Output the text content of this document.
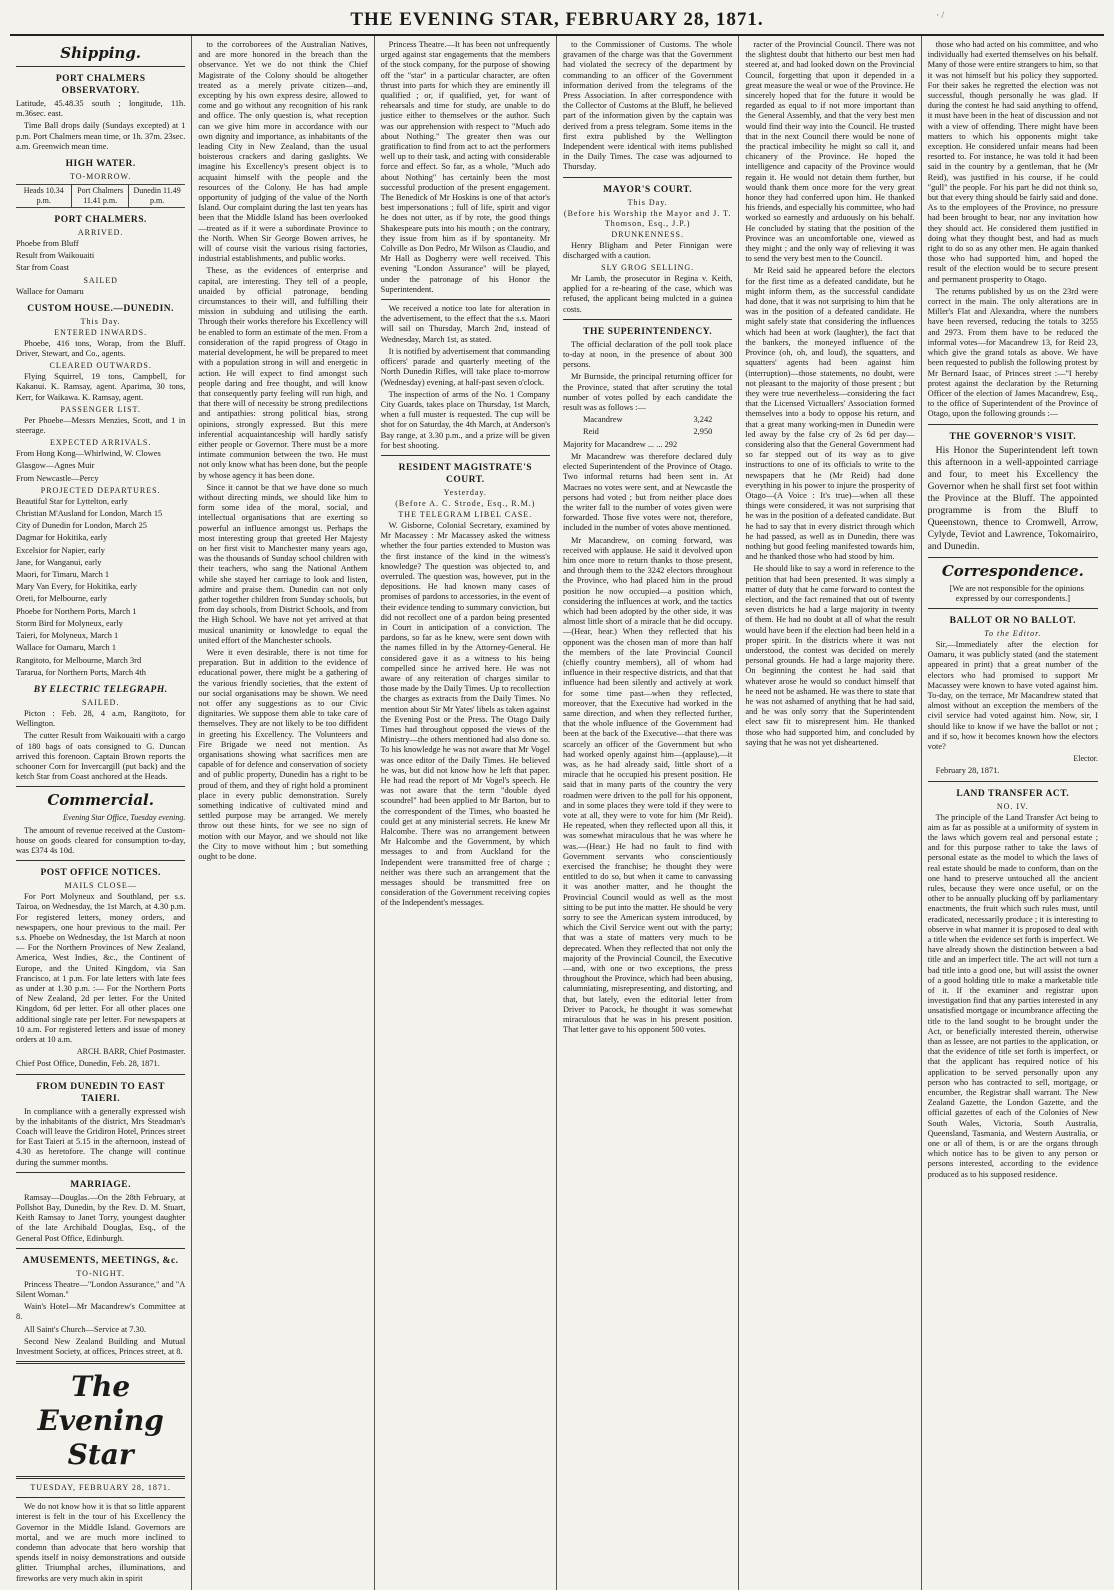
THE EVENING STAR, FEBRUARY 28, 1871.	· /
Shipping.
PORT CHALMERS OBSERVATORY.

Latitude, 45.48.35 south ; longitude, 11h. m.36sec. east.

Time Ball drops daily (Sundays excepted) at 1 p.m. Port Chalmers mean time, or 1h. 37m. 23sec. a.m. Greenwich mean time.

HIGH WATER.
TO-MORROW.
Heads 10.34 p.m.
Port Chalmers 11.41 p.m.
Dunedin 11.49 p.m.
PORT CHALMERS.
ARRIVED.

Phoebe from Bluff

Result from Waikouaiti

Star from Coast

SAILED

Wallace for Oamaru

CUSTOM HOUSE.—DUNEDIN.
This Day.
ENTERED INWARDS.

Phoebe, 416 tons, Worap, from the Bluff. Driver, Stewart, and Co., agents.

CLEARED OUTWARDS.

Flying Squirrel, 19 tons, Campbell, for Kakanui. K. Ramsay, agent. Aparima, 30 tons, Kerr, for Waikawa. K. Ramsay, agent.

PASSENGER LIST.

Per Phoebe—Messrs Menzies, Scott, and 1 in steerage.

EXPECTED ARRIVALS.

From Hong Kong—Whirlwind, W. Clowes

Glasgow—Agnes Muir

From Newcastle—Percy

PROJECTED DEPARTURES.

Beautiful Star for Lyttelton, early

Christian M'Ausland for London, March 15

City of Dunedin for London, March 25

Dagmar for Hokitika, early

Excelsior for Napier, early

Jane, for Wanganui, early

Maori, for Timaru, March 1

Mary Van Every, for Hokitika, early

Oreti, for Melbourne, early

Phoebe for Northern Ports, March 1

Storm Bird for Molyneux, early

Taieri, for Molyneux, March 1

Wallace for Oamaru, March 1

Rangitoto, for Melbourne, March 3rd

Tararua, for Northern Ports, March 4th

BY ELECTRIC TELEGRAPH.
SAILED.

Picton : Feb. 28, 4 a.m, Rangitoto, for Wellington.

The cutter Result from Waikouaiti with a cargo of 180 bags of oats consigned to G. Duncan arrived this forenoon. Captain Brown reports the schooner Corn for Invercargill (put back) and the ketch Star from Coast anchored at the Heads.

Commercial.

Evening Star Office, Tuesday evening.

The amount of revenue received at the Custom-house on goods cleared for consumption to-day, was £374 4s 10d.

POST OFFICE NOTICES.
MAILS CLOSE—

For Port Molyneux and Southland, per s.s. Tairoa, on Wednesday, the 1st March, at 4.30 p.m. For registered letters, money orders, and newspapers, one hour previous to the mail. Per s.s. Phoebe on Wednesday, the 1st March at noon— For the Northern Provinces of New Zealand, America, West Indies, &c., the Continent of Europe, and the United Kingdom, via San Francisco, at 1 p.m. For late letters with late fees as under at 1.30 p.m. :— For the Northern Ports of New Zealand, 2d per letter. For the United Kingdom, 6d per letter. For all other places one additional single rate per letter. For newspapers at 10 a.m. For registered letters and issue of money orders at 10 a.m.

ARCH. BARR, Chief Postmaster.

Chief Post Office, Dunedin, Feb. 28, 1871.

FROM DUNEDIN TO EAST TAIERI.

In compliance with a generally expressed wish by the inhabitants of the district, Mrs Steadman's Coach will leave the Gridiron Hotel, Princes street for East Taieri at 5.15 in the afternoon, instead of 4.30 as heretofore. The change will continue during the summer months.

MARRIAGE.

Ramsay—Douglas.—On the 28th February, at Pollshot Bay, Dunedin, by the Rev. D. M. Stuart, Keith Ramsay to Janet Torry, youngest daughter of the late Archibald Douglas, Esq., of the General Post Office, Edinburgh.

AMUSEMENTS, MEETINGS, &c.
TO-NIGHT.

Princess Theatre—"London Assurance," and "A Silent Woman."

Wain's Hotel—Mr Macandrew's Committee at 8.

All Saint's Church—Service at 7.30.

Second New Zealand Building and Mutual Investment Society, at offices, Princes street, at 8.

The Evening Star
TUESDAY, FEBRUARY 28, 1871.

We do not know how it is that so little apparent interest is felt in the tour of his Excellency the Governor in the Middle Island. Governors are mortal, and we are much more inclined to condemn than advocate that hero worship that spends itself in noisy demonstrations and outside glitter. Triumphal arches, illuminations, and fireworks are very much akin in spirit

to the corroborees of the Australian Natives, and are more honored in the breach than the observance. Yet we do not think the Chief Magistrate of the Colony should be altogether treated as a merely private citizen—and, excepting by his own express desire, allowed to come and go without any recognition of his rank and office. The only question is, what reception can we give him more in accordance with our own dignity and importance, as inhabitants of the leading City in New Zealand, than the usual boisterous crackers and daring gaslights. We imagine his Excellency's present object is to acquaint himself with the people and the resources of the Colony. He has had ample opportunity of judging of the value of the North Island. Our complaint during the last ten years has been that the Middle Island has been overlooked—treated as if it were a subordinate Province to the North. When Sir George Bowen arrives, he will of course visit the various rising factories, industrial establishments, and public works.

These, as the evidences of enterprise and capital, are interesting. They tell of a people, unaided by official patronage, bending circumstances to their will, and fulfilling their mission in subduing and utilising the earth. Through their works therefore his Excellency will be enabled to form an estimate of the men. From a consideration of the rapid progress of Otago in material development, he will be prepared to meet with a population strong in will and energetic in action. He will expect to find amongst such people daring and free thought, and will know that consequently party feeling will run high, and that there will of necessity be strong predilections and antipathies: strong political bias, strong opinions, strongly expressed. But this mere inferential acquaintanceship will hardly satisfy either people or Governor. There must be a more intimate communion between the two. He must not only know what has been done, but the people by whose agency it has been done.

Since it cannot be that we have done so much without directing minds, we should like him to form some idea of the moral, social, and intellectual organisations that are exerting so powerful an influence amongst us. Perhaps the most interesting group that greeted Her Majesty on her first visit to Manchester many years ago, was the thousands of Sunday school children with their teachers, who sang the National Anthem while she stayed her carriage to look and listen, admire and praise them. Dunedin can not only gather together children from Sunday schools, but from day schools, from District Schools, and from the High School. We have not yet arrived at that musical unanimity or knowledge to equal the united effort of the Manchester schools.

Were it even desirable, there is not time for preparation. But in addition to the evidence of educational power, there might be a gathering of the various friendly societies, that the extent of our social organisations may be shown. We need not offer any suggestions as to our Civic dignitaries. We suppose them able to take care of themselves. They are not likely to be too diffident in greeting his Excellency. The Volunteers and Fire Brigade we need not mention. As organisations showing what sacrifices men are capable of for defence and conservation of society and of public property, Dunedin has a right to be proud of them, and they of right hold a prominent place in every public demonstration. Surely something indicative of cultivated mind and settled purpose may be arranged. We merely throw out these hints, for we see no sign of motion with our Mayor, and we should not like the City to move without him ; but something ought to be done.

Princess Theatre.—It has been not unfrequently urged against star engagements that the members of the stock company, for the purpose of showing off the "star" in a particular character, are often thrust into parts for which they are eminently ill qualified ; or, if qualified, yet, for want of rehearsals and time for study, are unable to do justice either to themselves or the author. Such was our apprehension with respect to "Much ado about Nothing." The greater then was our gratification to find from act to act the performers well up to their task, and acting with considerable force and effect. So far, as a whole, "Much ado about Nothing" has certainly been the most successful production of the present engagement. The Benedick of Mr Hoskins is one of that actor's best impersonations ; full of life, spirit and vigor he does not utter, as if by rote, the good things Shakespeare puts into his mouth ; on the contrary, they issue from him as if by spontaneity. Mr Colville as Don Pedro, Mr Wilson as Claudio, and Mr Hall as Dogberry were well received. This evening "London Assurance" will be played, under the patronage of his Honor the Superintendent.

We received a notice too late for alteration in the advertisement, to the effect that the s.s. Maori will sail on Thursday, March 2nd, instead of Wednesday, March 1st, as stated.

It is notified by advertisement that commanding officers' parade and quarterly meeting of the North Dunedin Rifles, will take place to-morrow (Wednesday) evening, at half-past seven o'clock.

The inspection of arms of the No. 1 Company City Guards, takes place on Thursday, 1st March, when a full muster is requested. The cup will be shot for on Saturday, the 4th March, at Anderson's Bay range, at 3.30 p.m., and a prize will be given for best shooting.

RESIDENT MAGISTRATE'S COURT.
Yesterday.
(Before A. C. Strode, Esq., R.M.)
THE TELEGRAM LIBEL CASE.

W. Gisborne, Colonial Secretary, examined by Mr Macassey : Mr Macassey asked the witness whether the four parties extended to Muston was the first instance of the kind in the witness's knowledge? The question was objected to, and overruled. The question was, however, put in the depositions. He had known many cases of promises of pardons to accessories, in the event of their evidence tending to summary conviction, but did not recollect one of a pardon being presented in Court in anticipation of a conviction. The pardons, so far as he knew, were sent down with the names filled in by the Attorney-General. He considered gave it as a witness to his being compelled since he arrived here. He was not aware of any reiteration of charges similar to those made by the Daily Times. Up to recollection the charges as extracts from the Daily Times. No mention about Sir Mr Yates' libels as taken against the Evening Post or the Press. The Otago Daily Times had throughout opposed the views of the Ministry—the others mentioned had also done so. To his knowledge he was not aware that Mr Vogel was once editor of the Daily Times. He believed he was, but did not know how he left that paper. He had read the report of Mr Vogel's speech. He was not aware that the term "double dyed scoundrel" had been applied to Mr Barton, but to the correspondent of the Times, who boasted he could get at any ministerial secrets. He knew Mr Halcombe. There was no arrangement between Mr Halcombe and the Government, by which messages to and from Auckland for the Independent were transmitted free of charge ; neither was there such an arrangement that the messages should be transmitted free on consideration of the Government receiving copies of the Independent's messages.

to the Commissioner of Customs. The whole gravamen of the charge was that the Government had violated the secrecy of the department by commanding to an officer of the Government information derived from the telegrams of the Press Association. In after correspondence with the Collector of Customs at the Bluff, he believed part of the information given by the captain was derived from a press telegram. Some items in the first extra published by the Wellington Independent were identical with items published in the Daily Times. The case was adjourned to Thursday.

MAYOR'S COURT.
This Day.
(Before his Worship the Mayor and J. T. Thomson, Esq., J.P.)
DRUNKENNESS.

Henry Bligham and Peter Finnigan were discharged with a caution.

SLY GROG SELLING.

Mr Lamb, the prosecutor in Regina v. Keith, applied for a re-hearing of the case, which was refused, the applicant being mulcted in a guinea costs.

THE SUPERINTENDENCY.

The official declaration of the poll took place to-day at noon, in the presence of about 300 persons.

Mr Burnside, the principal returning officer for the Province, stated that after scrutiny the total number of votes polled by each candidate the result was as follows :—

Macandrew	3,242

Reid	2,950

Majority for Macandrew ... ... 292

Mr Macandrew was therefore declared duly elected Superintendent of the Province of Otago. Two informal returns had been sent in. At Macraes no votes were sent, and at Newcastle the persons had voted ; but from neither place does the writer fall to the number of votes given were forwarded. Those five votes were not, therefore, included in the number of votes above mentioned.

Mr Macandrew, on coming forward, was received with applause. He said it devolved upon him once more to return thanks to those present, and through them to the 3242 electors throughout the Province, who had placed him in the proud position he now occupied—a position which, considering the influences at work, and the tactics which had been adopted by the other side, it was almost little short of a miracle that he did occupy.—(Hear, hear.) When they reflected that his opponent was the chosen man of more than half the members of the late Provincial Council (chiefly country members), all of whom had influence in their respective districts, and that that influence had been silently and actively at work for some time past—when they reflected, moreover, that the Executive had worked in the same direction, and when they reflected further, that the whole influence of the Government had been at the back of the Executive—that there was scarcely an officer of the Government but who had worked openly against him—(applause),—it was, as he had already said, little short of a miracle that he occupied his present position. He said that in many parts of the country the very roadmen were driven to the poll for his opponent, and in some places they were told if they were to vote at all, they were to vote for him (Mr Reid). He repeated, when they reflected upon all this, it was somewhat miraculous that he was where he was.—(Hear.) He had no fault to find with Government servants who conscientiously exercised the franchise; he thought they were entitled to do so, but when it came to canvassing it was another matter, and he thought the Provincial Council would as well as the most sitting to be put into the matter. He should be very sorry to see the American system introduced, by which the Civil Service went out with the party; that was a state of matters very much to be deprecated. When they reflected that not only the majority of the Provincial Council, the Executive—and, with one or two exceptions, the press throughout the Province, which had been abusing, calumniating, misrepresenting, and distorting, and that, but lately, even the editorial letter from Driver to Pacock, he thought it was somewhat miraculous that he was in his present position. That letter gave to his opponent 500 votes.

racter of the Provincial Council. There was not the slightest doubt that hitherto our best men had steered at, and had looked down on the Provincial Council, forgetting that upon it depended in a great measure the weal or woe of the Province. He sincerely hoped that for the future it would be regarded as equal to if not more important than the General Assembly, and that the very best men would find their way into the Council. He trusted that in the next Council there would be none of the practical imbecility he might so call it, and chicanery of the Province. He hoped the intelligence and capacity of the Province would regain it. He would not detain them further, but would thank them once more for the very great honor they had conferred upon him. He thanked his friends, and especially his committee, who had worked so earnestly and arduously on his behalf. He concluded by stating that the position of the Province was an uncomfortable one, viewed as they might ; and the only way of relieving it was to send the very best men to the Council.

Mr Reid said he appeared before the electors for the first time as a defeated candidate, but he might inform them, as the successful candidate had done, that it was not surprising to him that he was in the position of a defeated candidate. He might safely state that considering the influences which had been at work (laughter), the fact that the bankers, the moneyed influence of the Province (oh, oh, and loud), the squatters, and squatters' agents had been against him (interruption)—those statements, no doubt, were not pleasant to the majority of those present ; but they were true nevertheless—considering the fact that the Licensed Victuallers' Association formed themselves into a body to oppose his return, and that a great many working-men in Dunedin were led away by the false cry of 2s 6d per day—considering also that the General Government had so far stepped out of its way as to give instructions to one of its officials to write to the newspapers that he (Mr Reid) had done everything in his power to injure the prosperity of Otago—(A Voice : It's true)—when all these things were considered, it was not surprising that he was in the position of a defeated candidate. But he had to say that in every district through which he had passed, as well as in Dunedin, there was nothing but good feeling manifested towards him, and he thanked those who had stood by him.

He should like to say a word in reference to the petition that had been presented. It was simply a matter of duty that he came forward to contest the election, and the fact remained that out of twenty seven districts he had a large majority in twenty of them. He had no doubt at all of what the result would have been if the election had been held in a proper spirit. In the districts where it was not understood, the contest was decided on merely personal grounds. He had a large majority there. On beginning the contest he had said that whatever arose he would so conduct himself that he need not be ashamed. He was there to state that he was not ashamed of anything that he had said, and he was only sorry that the Superintendent elect saw fit to misrepresent him. He thanked those who had supported him, and concluded by saying that he was not yet disheartened.

those who had acted on his committee, and who individually had exerted themselves on his behalf. Many of those were entire strangers to him, so that it was not himself but his policy they supported. For their sakes he regretted the election was not successful, though personally he was glad. If during the contest he had said anything to offend, it must have been in the heat of discussion and not with a view of offending. There might have been matters to which his opponents might take exception. He considered unfair means had been resorted to. For instance, he was told it had been said in the country by a gentleman, that he (Mr Reid), was justified in his course, if he could "gull" the people. For his part he did not think so, but that every thing should be fairly said and done. As to the employees of the Province, no pressure had been brought to bear, nor any invitation how they should act. He considered them justified in doing what they thought best, and had as much right to do so as any other men. He again thanked those who had supported him, and hoped the result of the election would be to secure present and permanent prosperity to Otago.

The returns published by us on the 23rd were correct in the main. The only alterations are in Miller's Flat and Alexandra, where the numbers have been reversed, reducing the totals to 3255 and 2973. From them have to be reduced the informal votes—for Macandrew 13, for Reid 23, which give the grand totals as above. We have been requested to publish the following protest by Mr Bernard Isaac, of Princes street :—"I hereby protest against the declaration by the Returning Officer of the election of James Macandrew, Esq., to the office of Superintendent of the Province of Otago, upon the following grounds :—

THE GOVERNOR'S VISIT.

His Honor the Superintendent left town this afternoon in a well-appointed carriage and four, to meet his Excellency the Governor when he shall first set foot within the Province at the Bluff. The appointed programme is from the Bluff to Queenstown, thence to Cromwell, Arrow, Cylyde, Teviot and Lawrence, Tokomairiro, and Dunedin.

Correspondence.

[We are not responsible for the opinions expressed by our correspondents.]

BALLOT OR NO BALLOT.
To the Editor.

Sir,—Immediately after the election for Oamaru, it was publicly stated (and the statement appeared in print) that a great number of the electors who had promised to support Mr Macassey were known to have voted against him. To-day, on the terrace, Mr Macandrew stated that almost without an exception the members of the civil service had voted against him. Now, sir, I should like to know if we have the ballot or not ; and if so, how it becomes known how the electors vote?

Elector.

February 28, 1871.

LAND TRANSFER ACT.
NO. IV.

The principle of the Land Transfer Act being to aim as far as possible at a uniformity of system in the laws which govern real and personal estate ; and for this purpose rather to take the laws of personal estate as the model to which the laws of real estate should be made to conform, than on the one hand to preserve untouched all the ancient rules, because they were once useful, or on the other to be annually plucking off by parliamentary enactments, the fruit which such rules must, until eradicated, necessarily produce ; it is interesting to observe in what manner it is proposed to deal with a title when the evidence set forth is imperfect. We have already shown the distinction between a bad title and an imperfect title. The act will not turn a bad title into a good one, but will assist the owner of a good holding title to make a marketable title of it. If the examiner and registrar upon investigation find that any parties interested in any unsatisfied mortgage or incumbrance affecting the title to the land sought to be brought under the Act, or beneficially interested therein, otherwise than as lessee, are not parties to the application, or that the evidence of title set forth is imperfect, or that the applicant has required notice of his application to be served personally upon any person who has contracted to sell, mortgage, or encumber, the Registrar shall warrant. The New Zealand Gazette, the London Gazette, and the official gazettes of each of the Colonies of New South Wales, Victoria, South Australia, Queensland, Tasmania, and Western Australia, or one or all of them, is or are the organs through which notice has to be given to any person or persons interested, according to the evidence produced as to his supposed residence.
